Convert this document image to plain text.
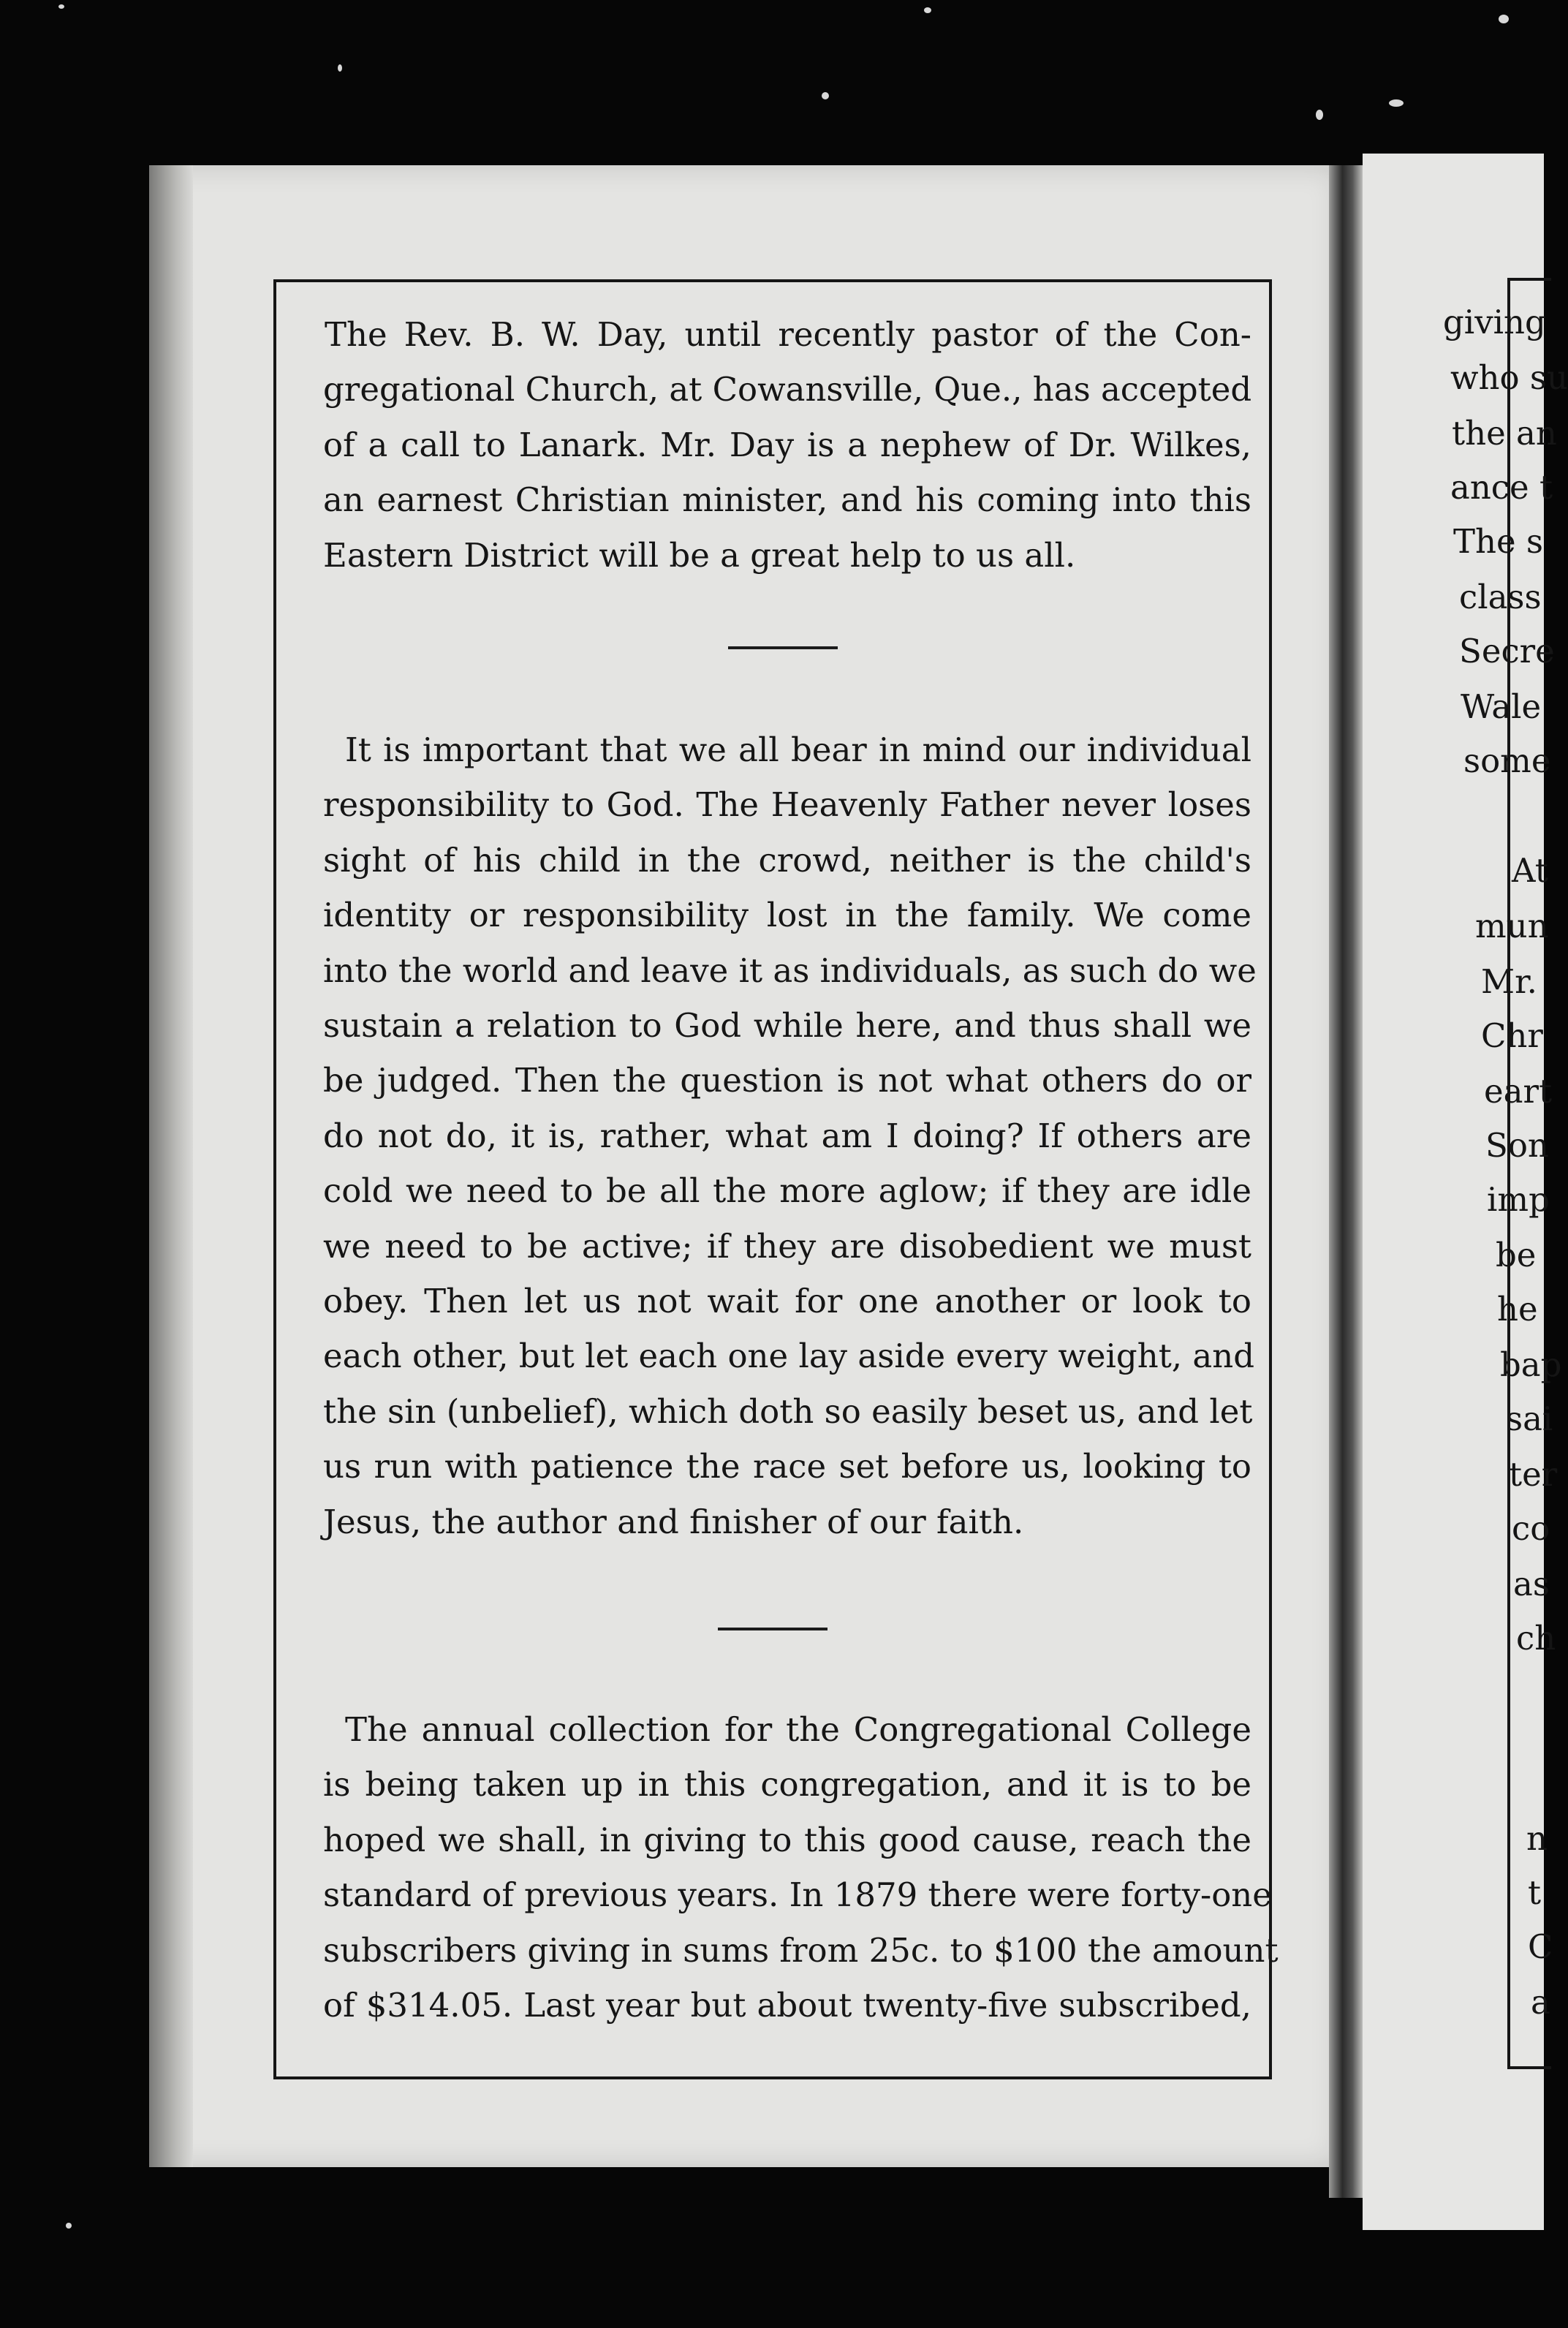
The Rev. B. W. Day, until recently pastor of the Con-
gregational Church, at Cowansville, Que., has accepted
of a call to Lanark. Mr. Day is a nephew of Dr. Wilkes,
an earnest Christian minister, and his coming into this
Eastern District will be a great help to us all.
It is important that we all bear in mind our individual
responsibility to God. The Heavenly Father never loses
sight of his child in the crowd, neither is the child's
identity or responsibility lost in the family. We come
into the world and leave it as individuals, as such do we
sustain a relation to God while here, and thus shall we
be judged. Then the question is not what others do or
do not do, it is, rather, what am I doing? If others are
cold we need to be all the more aglow; if they are idle
we need to be active; if they are disobedient we must
obey. Then let us not wait for one another or look to
each other, but let each one lay aside every weight, and
the sin (unbelief), which doth so easily beset us, and let
us run with patience the race set before us, looking to
Jesus, the author and finisher of our faith.
The annual collection for the Congregational College
is being taken up in this congregation, and it is to be
hoped we shall, in giving to this good cause, reach the
standard of previous years. In 1879 there were forty-one
subscribers giving in sums from 25c. to $100 the amount
of $314.05. Last year but about twenty-five subscribed,
giving
who su
the an
ance t
The s
class
Secre
Wale
some
At
mun
Mr.
Chr
eart
Son
imp
be
he
bap
sai
ter
co
as
ch
n
t
C
a
